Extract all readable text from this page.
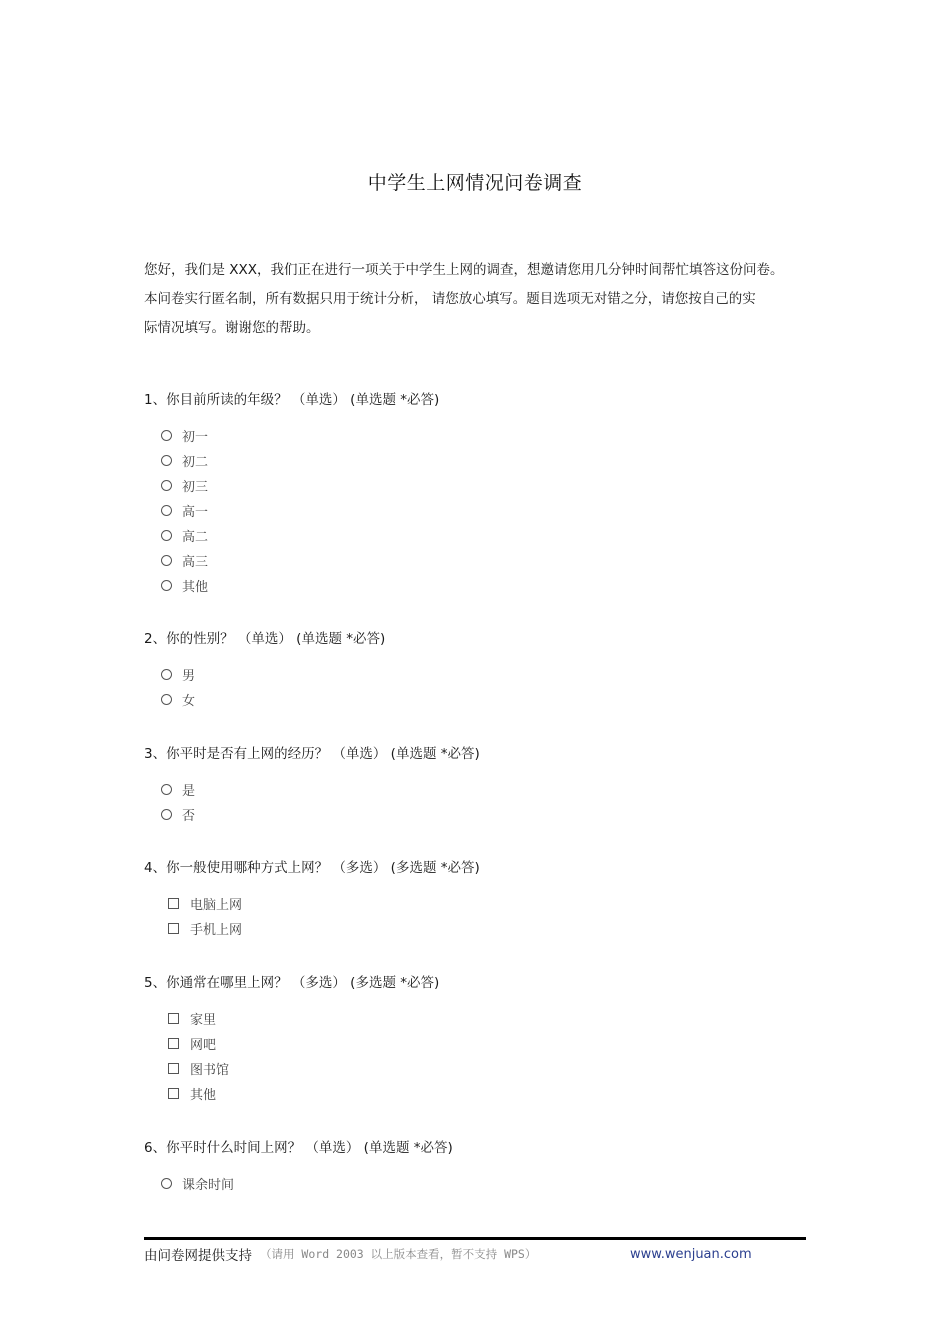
中学生上网情况问卷调查

您好，我们是 XXX，我们正在进行一项关于中学生上网的调查，想邀请您用几分钟时间帮忙填答这份问卷。

本问卷实行匿名制，所有数据只用于统计分析， 请您放心填写。题目选项无对错之分，请您按自己的实

际情况填写。谢谢您的帮助。

1、你目前所读的年级？ （单选） (单选题 *必答)
初一
初二
初三
高一
高二
高三
其他
2、你的性别？ （单选） (单选题 *必答)
男
女
3、你平时是否有上网的经历？ （单选） (单选题 *必答)
是
否
4、你一般使用哪种方式上网？ （多选） (多选题 *必答)
电脑上网
手机上网
5、你通常在哪里上网？ （多选） (多选题 *必答)
家里
网吧
图书馆
其他
6、你平时什么时间上网？ （单选） (单选题 *必答)
课余时间
由问卷网提供支持 （请用 Word 2003 以上版本查看，暂不支持 WPS）	www.wenjuan.com
